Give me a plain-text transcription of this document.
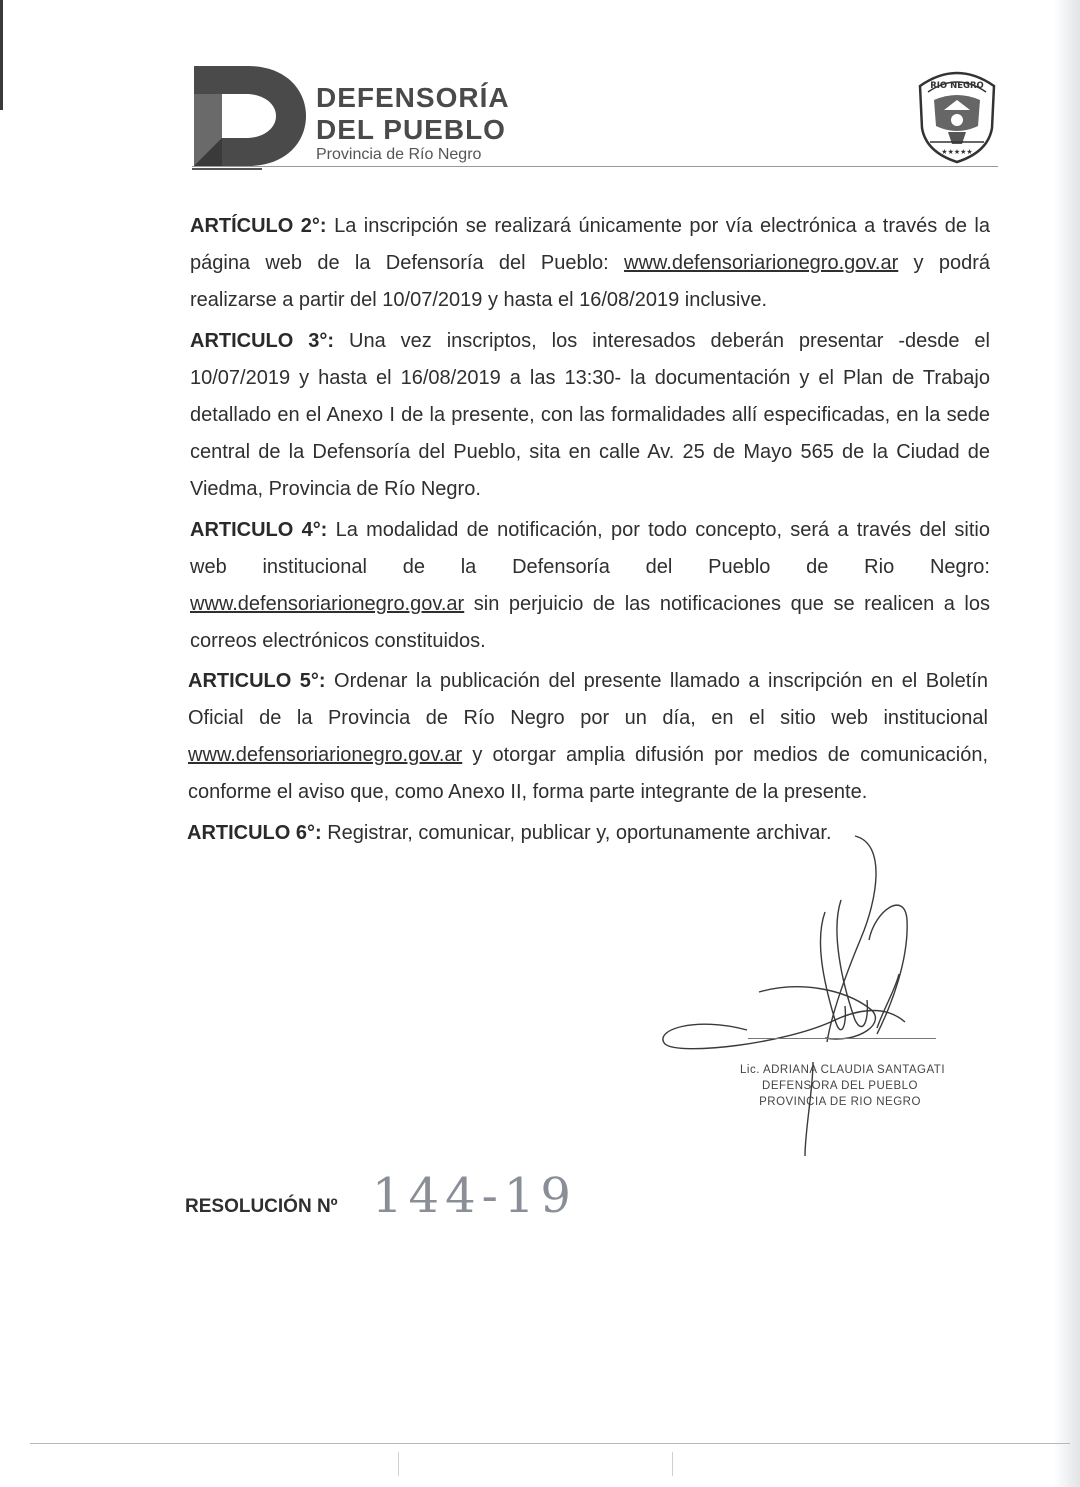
DEFENSORÍA
DEL PUEBLO
Provincia de Río Negro
RIO NEGRO
★★★★★
ARTÍCULO 2°: La inscripción se realizará únicamente por vía electrónica a través de la página web de la Defensoría del Pueblo: www.defensoriarionegro.gov.ar y podrá realizarse a partir del 10/07/2019 y hasta el 16/08/2019 inclusive.
ARTICULO 3°: Una vez inscriptos, los interesados deberán presentar -desde el 10/07/2019 y hasta el 16/08/2019 a las 13:30- la documentación y el Plan de Trabajo detallado en el Anexo I de la presente, con las formalidades allí especificadas, en la sede central de la Defensoría del Pueblo, sita en calle Av. 25 de Mayo 565 de la Ciudad de Viedma, Provincia de Río Negro.
ARTICULO 4°: La modalidad de notificación, por todo concepto, será a través del sitio web institucional de la Defensoría del Pueblo de Rio Negro: www.defensoriarionegro.gov.ar sin perjuicio de las notificaciones que se realicen a los correos electrónicos constituidos.
ARTICULO 5°: Ordenar la publicación del presente llamado a inscripción en el Boletín Oficial de la Provincia de Río Negro por un día, en el sitio web institucional www.defensoriarionegro.gov.ar y otorgar amplia difusión por medios de comunicación, conforme el aviso que, como Anexo II, forma parte integrante de la presente.
ARTICULO 6°: Registrar, comunicar, publicar y, oportunamente archivar.
Lic. ADRIANA CLAUDIA SANTAGATI
DEFENSORA DEL PUEBLO
PROVINCIA DE RIO NEGRO
RESOLUCIÓN Nº 144-19
